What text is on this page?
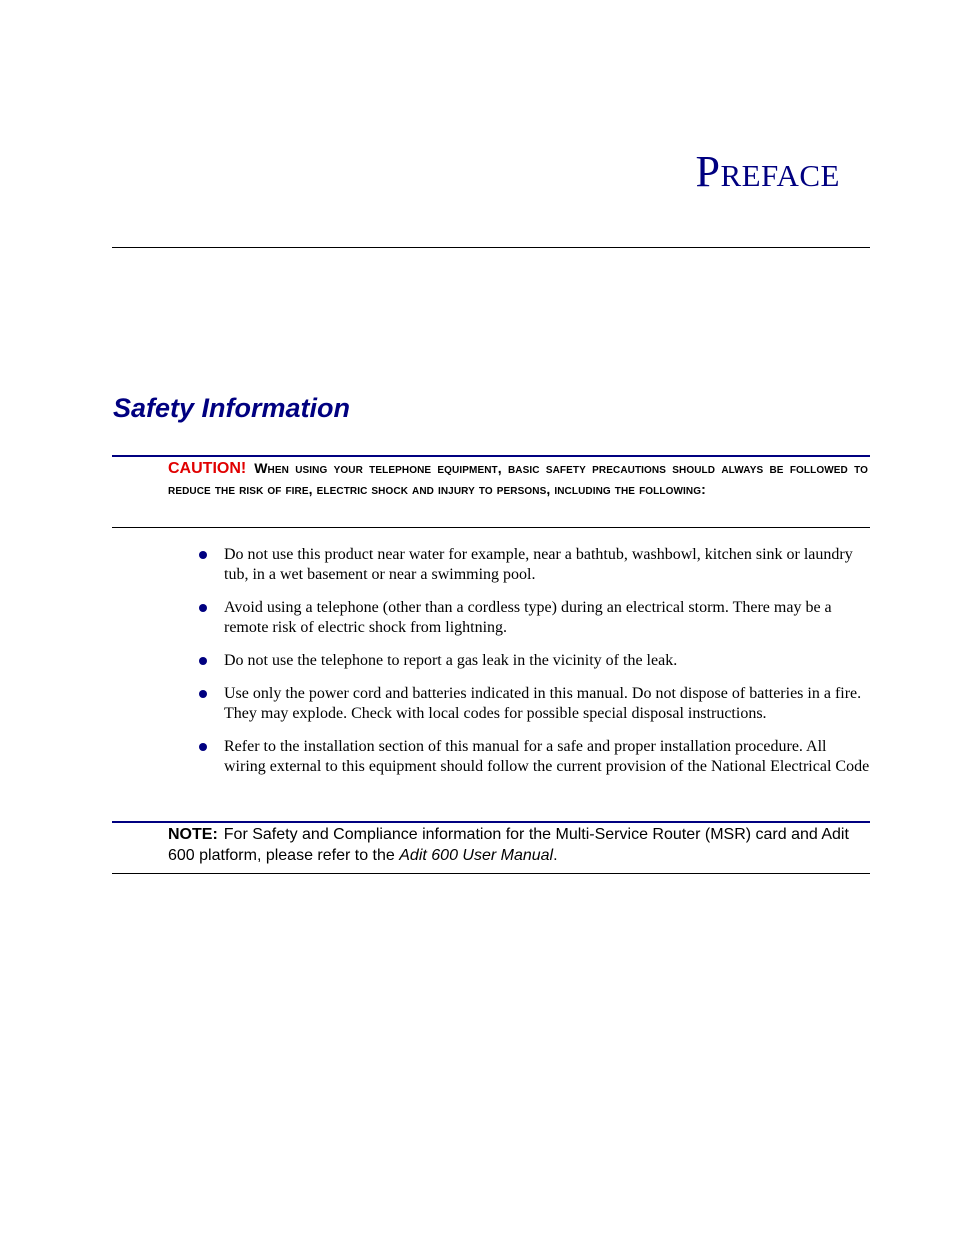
Preface
Safety Information
CAUTION! When using your telephone equipment, basic safety precautions should always be followed to reduce the risk of fire, electric shock and injury to persons, including the following:
Do not use this product near water for example, near a bathtub, washbowl, kitchen sink or laundry tub, in a wet basement or near a swimming pool.
Avoid using a telephone (other than a cordless type) during an electrical storm. There may be a remote risk of electric shock from lightning.
Do not use the telephone to report a gas leak in the vicinity of the leak.
Use only the power cord and batteries indicated in this manual. Do not dispose of batteries in a fire. They may explode. Check with local codes for possible special disposal instructions.
Refer to the installation section of this manual for a safe and proper installation procedure. All wiring external to this equipment should follow the current provision of the National Electrical Code
NOTE: For Safety and Compliance information for the Multi-Service Router (MSR) card and Adit 600 platform, please refer to the Adit 600 User Manual.
